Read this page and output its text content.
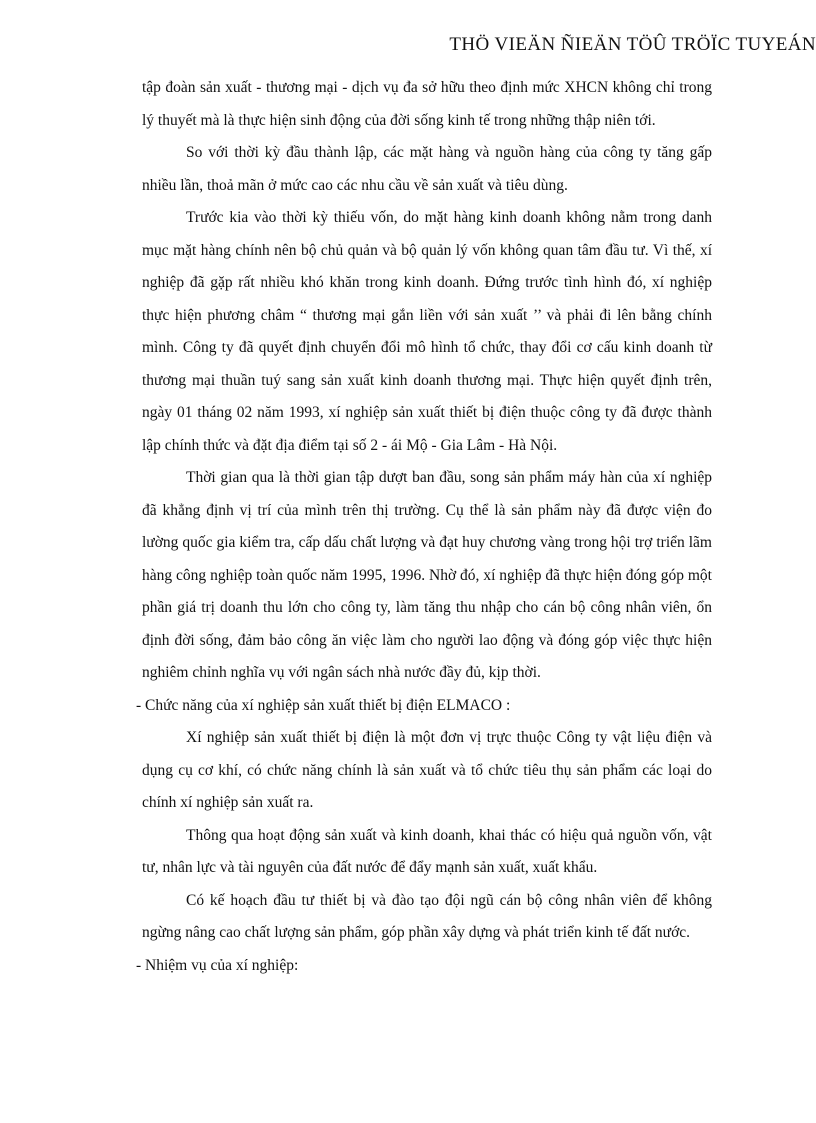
THÖ VIEÄN ÑIEÄN TÖÛ TRÖÏC TUYEÁN

tập đoàn sản xuất - thương mại - dịch vụ đa sở hữu theo định mức XHCN không chỉ trong lý thuyết mà là thực hiện sinh động của đời sống kinh tế trong những thập niên tới.

So với thời kỳ đầu thành lập, các mặt hàng và nguồn hàng của công ty tăng gấp nhiều lần, thoả mãn ở mức cao các nhu cầu về sản xuất và tiêu dùng.

Trước kia vào thời kỳ thiếu vốn, do mặt hàng kinh doanh không nằm trong danh mục mặt hàng chính nên bộ chủ quản và bộ quản lý vốn không quan tâm đầu tư. Vì thế, xí nghiệp đã gặp rất nhiều khó khăn trong kinh doanh. Đứng trước tình hình đó, xí nghiệp thực hiện phương châm “ thương mại gắn liền với sản xuất ’’ và phải đi lên bằng chính mình. Công ty đã quyết định chuyển đổi mô hình tổ chức, thay đổi cơ cấu kinh doanh từ thương mại thuần tuý sang sản xuất kinh doanh thương mại. Thực hiện quyết định trên, ngày 01 tháng 02 năm 1993, xí nghiệp sản xuất thiết bị điện thuộc công ty đã được thành lập chính thức và đặt địa điểm tại số 2 - ái Mộ - Gia Lâm - Hà Nội.

Thời gian qua là thời gian tập dượt ban đầu, song sản phẩm máy hàn của xí nghiệp đã khẳng định vị trí của mình trên thị trường. Cụ thể là sản phẩm này đã được viện đo lường quốc gia kiểm tra, cấp dấu chất lượng và đạt huy chương vàng trong hội trợ triển lãm hàng công nghiệp toàn quốc năm 1995, 1996. Nhờ đó, xí nghiệp đã thực hiện đóng góp một phần giá trị doanh thu lớn cho công ty, làm tăng thu nhập cho cán bộ công nhân viên, ổn định đời sống, đảm bảo công ăn việc làm cho người lao động và đóng góp việc thực hiện nghiêm chỉnh nghĩa vụ với ngân sách nhà nước đầy đủ, kịp thời.

- Chức năng của xí nghiệp sản xuất thiết bị điện ELMACO :

Xí nghiệp sản xuất thiết bị điện là một đơn vị trực thuộc Công ty vật liệu điện và dụng cụ cơ khí, có chức năng chính là sản xuất và tổ chức tiêu thụ sản phẩm các loại do chính xí nghiệp sản xuất ra.

Thông qua hoạt động sản xuất và kinh doanh, khai thác có hiệu quả nguồn vốn, vật tư, nhân lực và tài nguyên của đất nước để đẩy mạnh sản xuất, xuất khẩu.

Có kế hoạch đầu tư thiết bị và đào tạo đội ngũ cán bộ công nhân viên để không ngừng nâng cao chất lượng sản phẩm, góp phần xây dựng và phát triển kinh tế đất nước.

- Nhiệm vụ của xí nghiệp:
